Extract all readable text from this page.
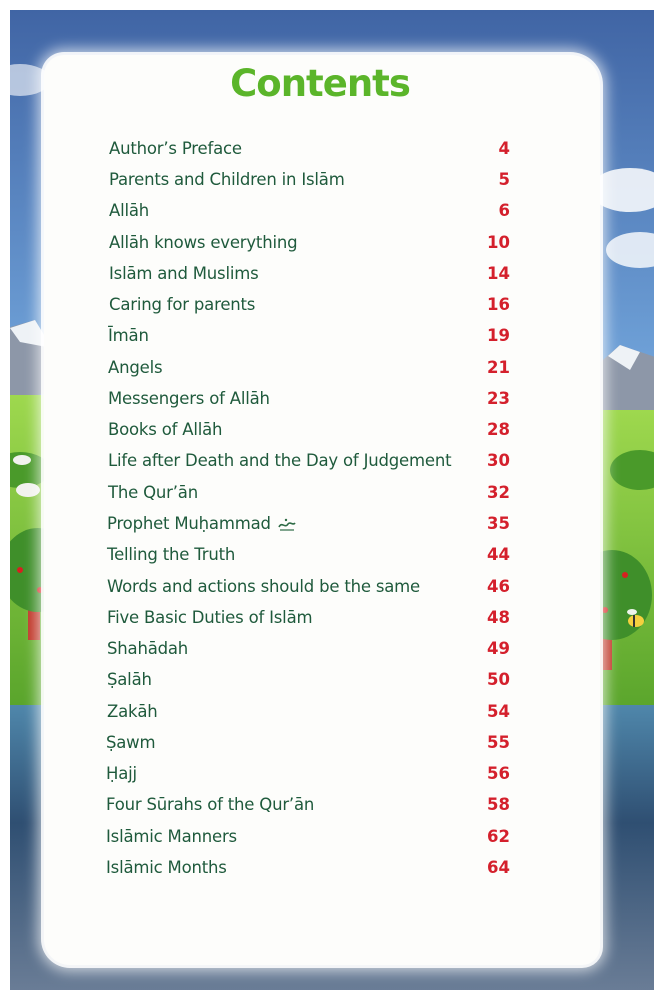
Contents
Author’s Preface	4
Parents and Children in Islām	5
Allāh	6
Allāh knows everything	10
Islām and Muslims	14
Caring for parents	16
Īmān	19
Angels	21
Messengers of Allāh	23
Books of Allāh	28
Life after Death and the Day of Judgement	30
The Qur’ān	32
Prophet Muḥammad	35
Telling the Truth	44
Words and actions should be the same	46
Five Basic Duties of Islām	48
Shahādah	49
Ṣalāh	50
Zakāh	54
Ṣawm	55
Ḥajj	56
Four Sūrahs of the Qur’ān	58
Islāmic Manners	62
Islāmic Months	64
